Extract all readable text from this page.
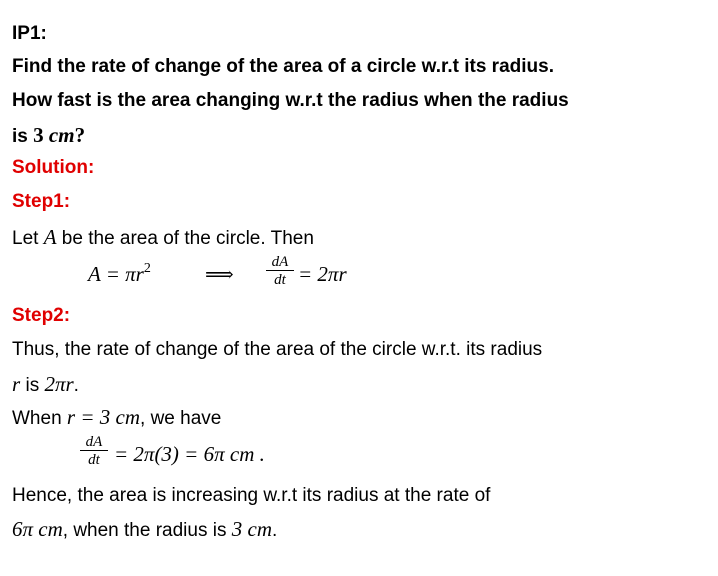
IP1:
Find the rate of change of the area of a circle w.r.t its radius.
How fast is the area changing w.r.t the radius when the radius
is 3 cm?
Solution:
Step1:
Let A be the area of the circle. Then
$A = \pi r^2$	⟹ $\frac{dA}{dt} = 2\pi r$
Step2:
Thus, the rate of change of the area of the circle w.r.t. its radius
r is 2πr.
When r = 3 cm, we have
$\frac{dA}{dt} = 2\pi(3) = 6\pi$ cm .
Hence, the area is increasing w.r.t its radius at the rate of
6π cm, when the radius is 3 cm.
